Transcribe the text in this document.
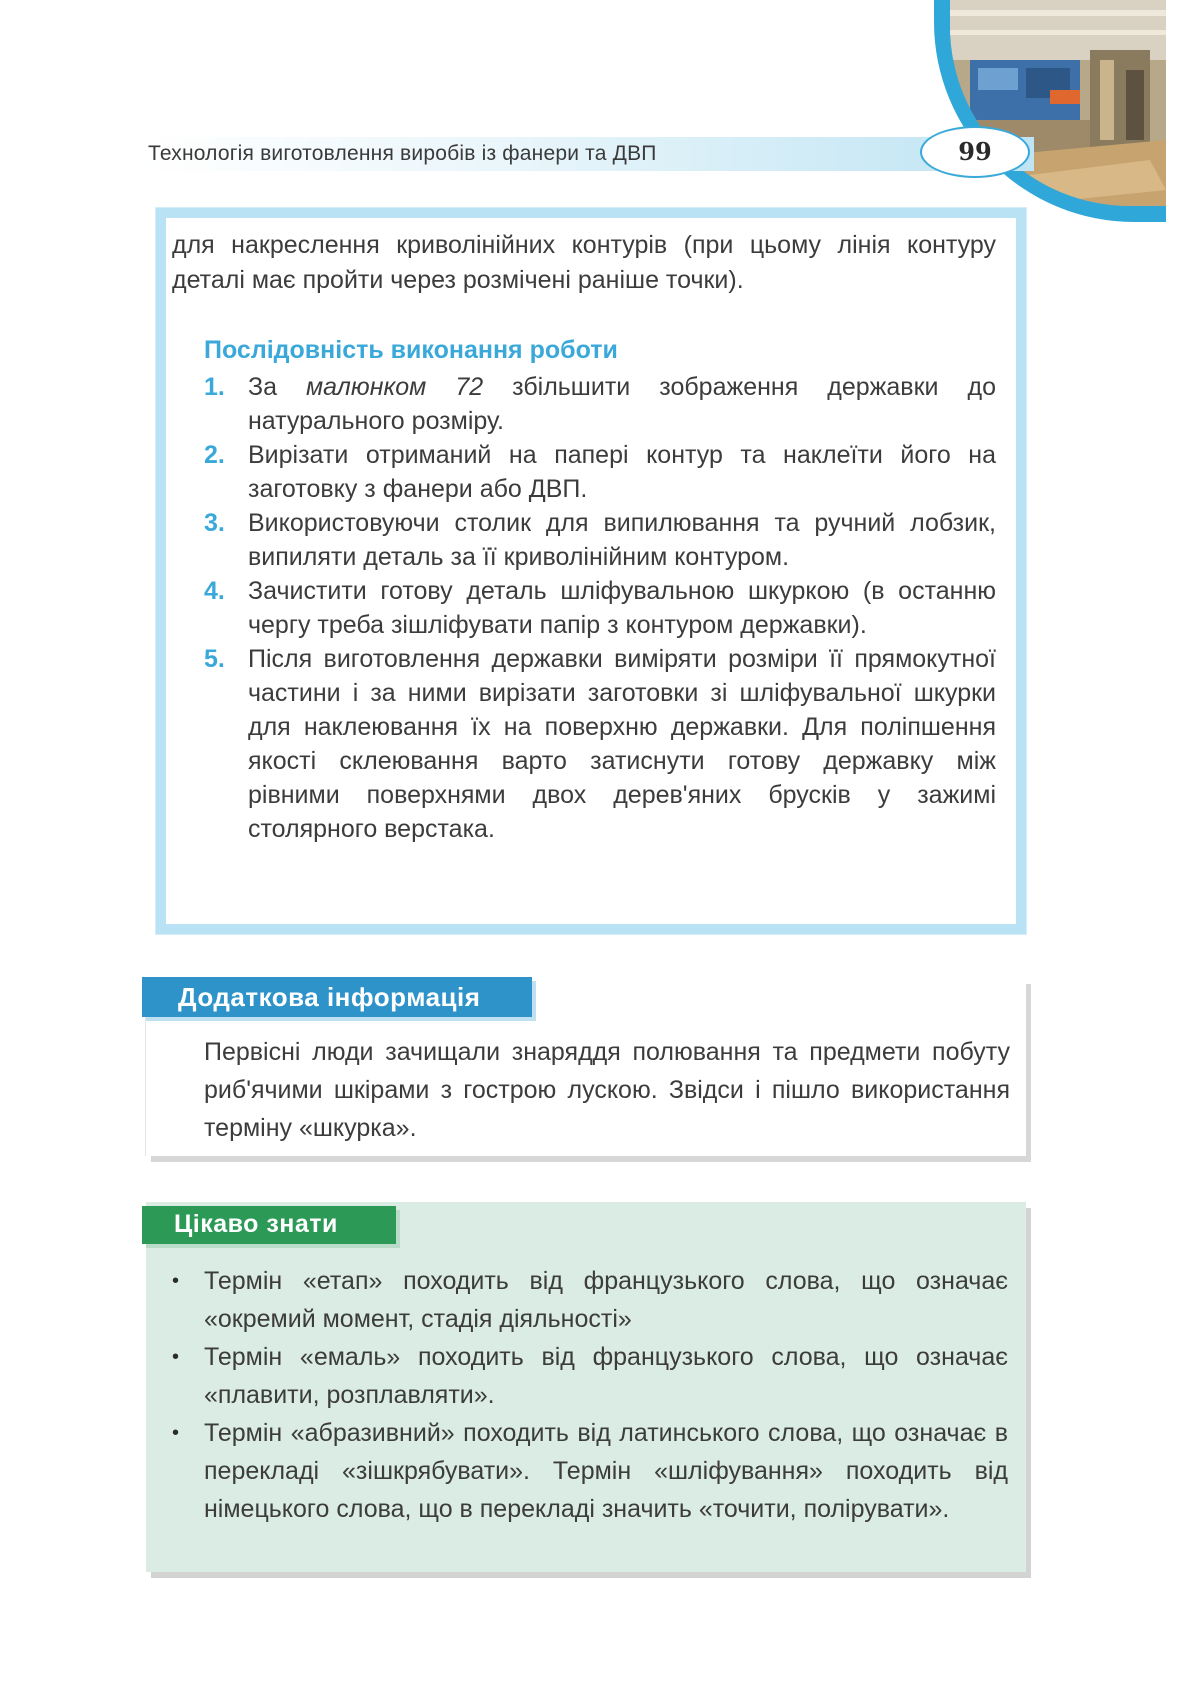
Технологія виготовлення виробів із фанери та ДВП	99

для накреслення криволінійних контурів (при цьому лінія контуру деталі має пройти через розмічені раніше точки).

Послідовність виконання роботи
1. За малюнком 72 збільшити зображення державки до натурального розміру.
2. Вирізати отриманий на папері контур та наклеїти його на заготовку з фанери або ДВП.
3. Використовуючи столик для випилювання та ручний лобзик, випиляти деталь за її криволінійним контуром.
4. Зачистити готову деталь шліфувальною шкуркою (в останню чергу треба зішліфувати папір з контуром державки).
5. Після виготовлення державки виміряти розміри її прямокутної частини і за ними вирізати заготовки зі шліфувальної шкурки для наклеювання їх на поверхню державки. Для поліпшення якості склеювання варто затиснути готову державку між рівними поверхнями двох дерев'яних брусків у зажимі столярного верстака.
Додаткова інформація

Первісні люди зачищали знаряддя полювання та предмети побуту риб'ячими шкірами з гострою лускою. Звідси і пішло використання терміну «шкурка».

Цікаво знати
• Термін «етап» походить від французького слова, що означає «окремий момент, стадія діяльності»
• Термін «емаль» походить від французького слова, що означає «плавити, розплавляти».
• Термін «абразивний» походить від латинського слова, що означає в перекладі «зішкрябувати». Термін «шліфування» походить від німецького слова, що в перекладі значить «точити, полірувати».
